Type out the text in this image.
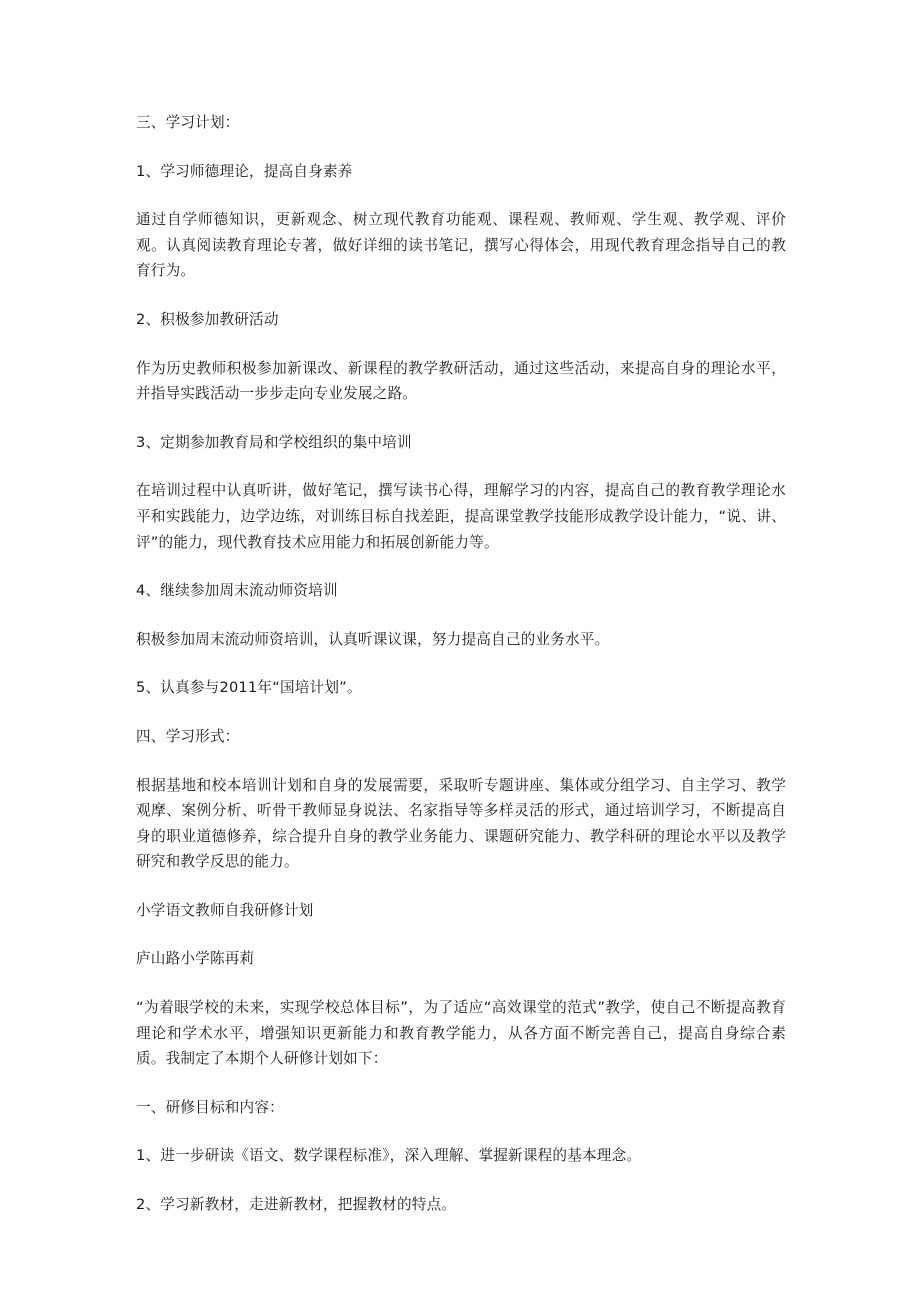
三、学习计划：

1、学习师德理论，提高自身素养

通过自学师德知识，更新观念、树立现代教育功能观、课程观、教师观、学生观、教学观、评价观。认真阅读教育理论专著，做好详细的读书笔记，撰写心得体会，用现代教育理念指导自己的教育行为。

2、积极参加教研活动

作为历史教师积极参加新课改、新课程的教学教研活动，通过这些活动，来提高自身的理论水平，并指导实践活动一步步走向专业发展之路。

3、定期参加教育局和学校组织的集中培训

在培训过程中认真听讲，做好笔记，撰写读书心得，理解学习的内容，提高自己的教育教学理论水平和实践能力，边学边练，对训练目标自找差距，提高课堂教学技能形成教学设计能力，“说、讲、评”的能力，现代教育技术应用能力和拓展创新能力等。

4、继续参加周末流动师资培训

积极参加周末流动师资培训，认真听课议课，努力提高自己的业务水平。

5、认真参与2011年“国培计划”。

四、学习形式：

根据基地和校本培训计划和自身的发展需要，采取听专题讲座、集体或分组学习、自主学习、教学观摩、案例分析、听骨干教师显身说法、名家指导等多样灵活的形式，通过培训学习，不断提高自身的职业道德修养，综合提升自身的教学业务能力、课题研究能力、教学科研的理论水平以及教学研究和教学反思的能力。

小学语文教师自我研修计划

庐山路小学陈再莉

“为着眼学校的未来，实现学校总体目标”，为了适应“高效课堂的范式”教学，使自己不断提高教育理论和学术水平，增强知识更新能力和教育教学能力，从各方面不断完善自己，提高自身综合素质。我制定了本期个人研修计划如下：

一、研修目标和内容：

1、进一步研读《语文、数学课程标准》，深入理解、掌握新课程的基本理念。

2、学习新教材，走进新教材，把握教材的特点。
